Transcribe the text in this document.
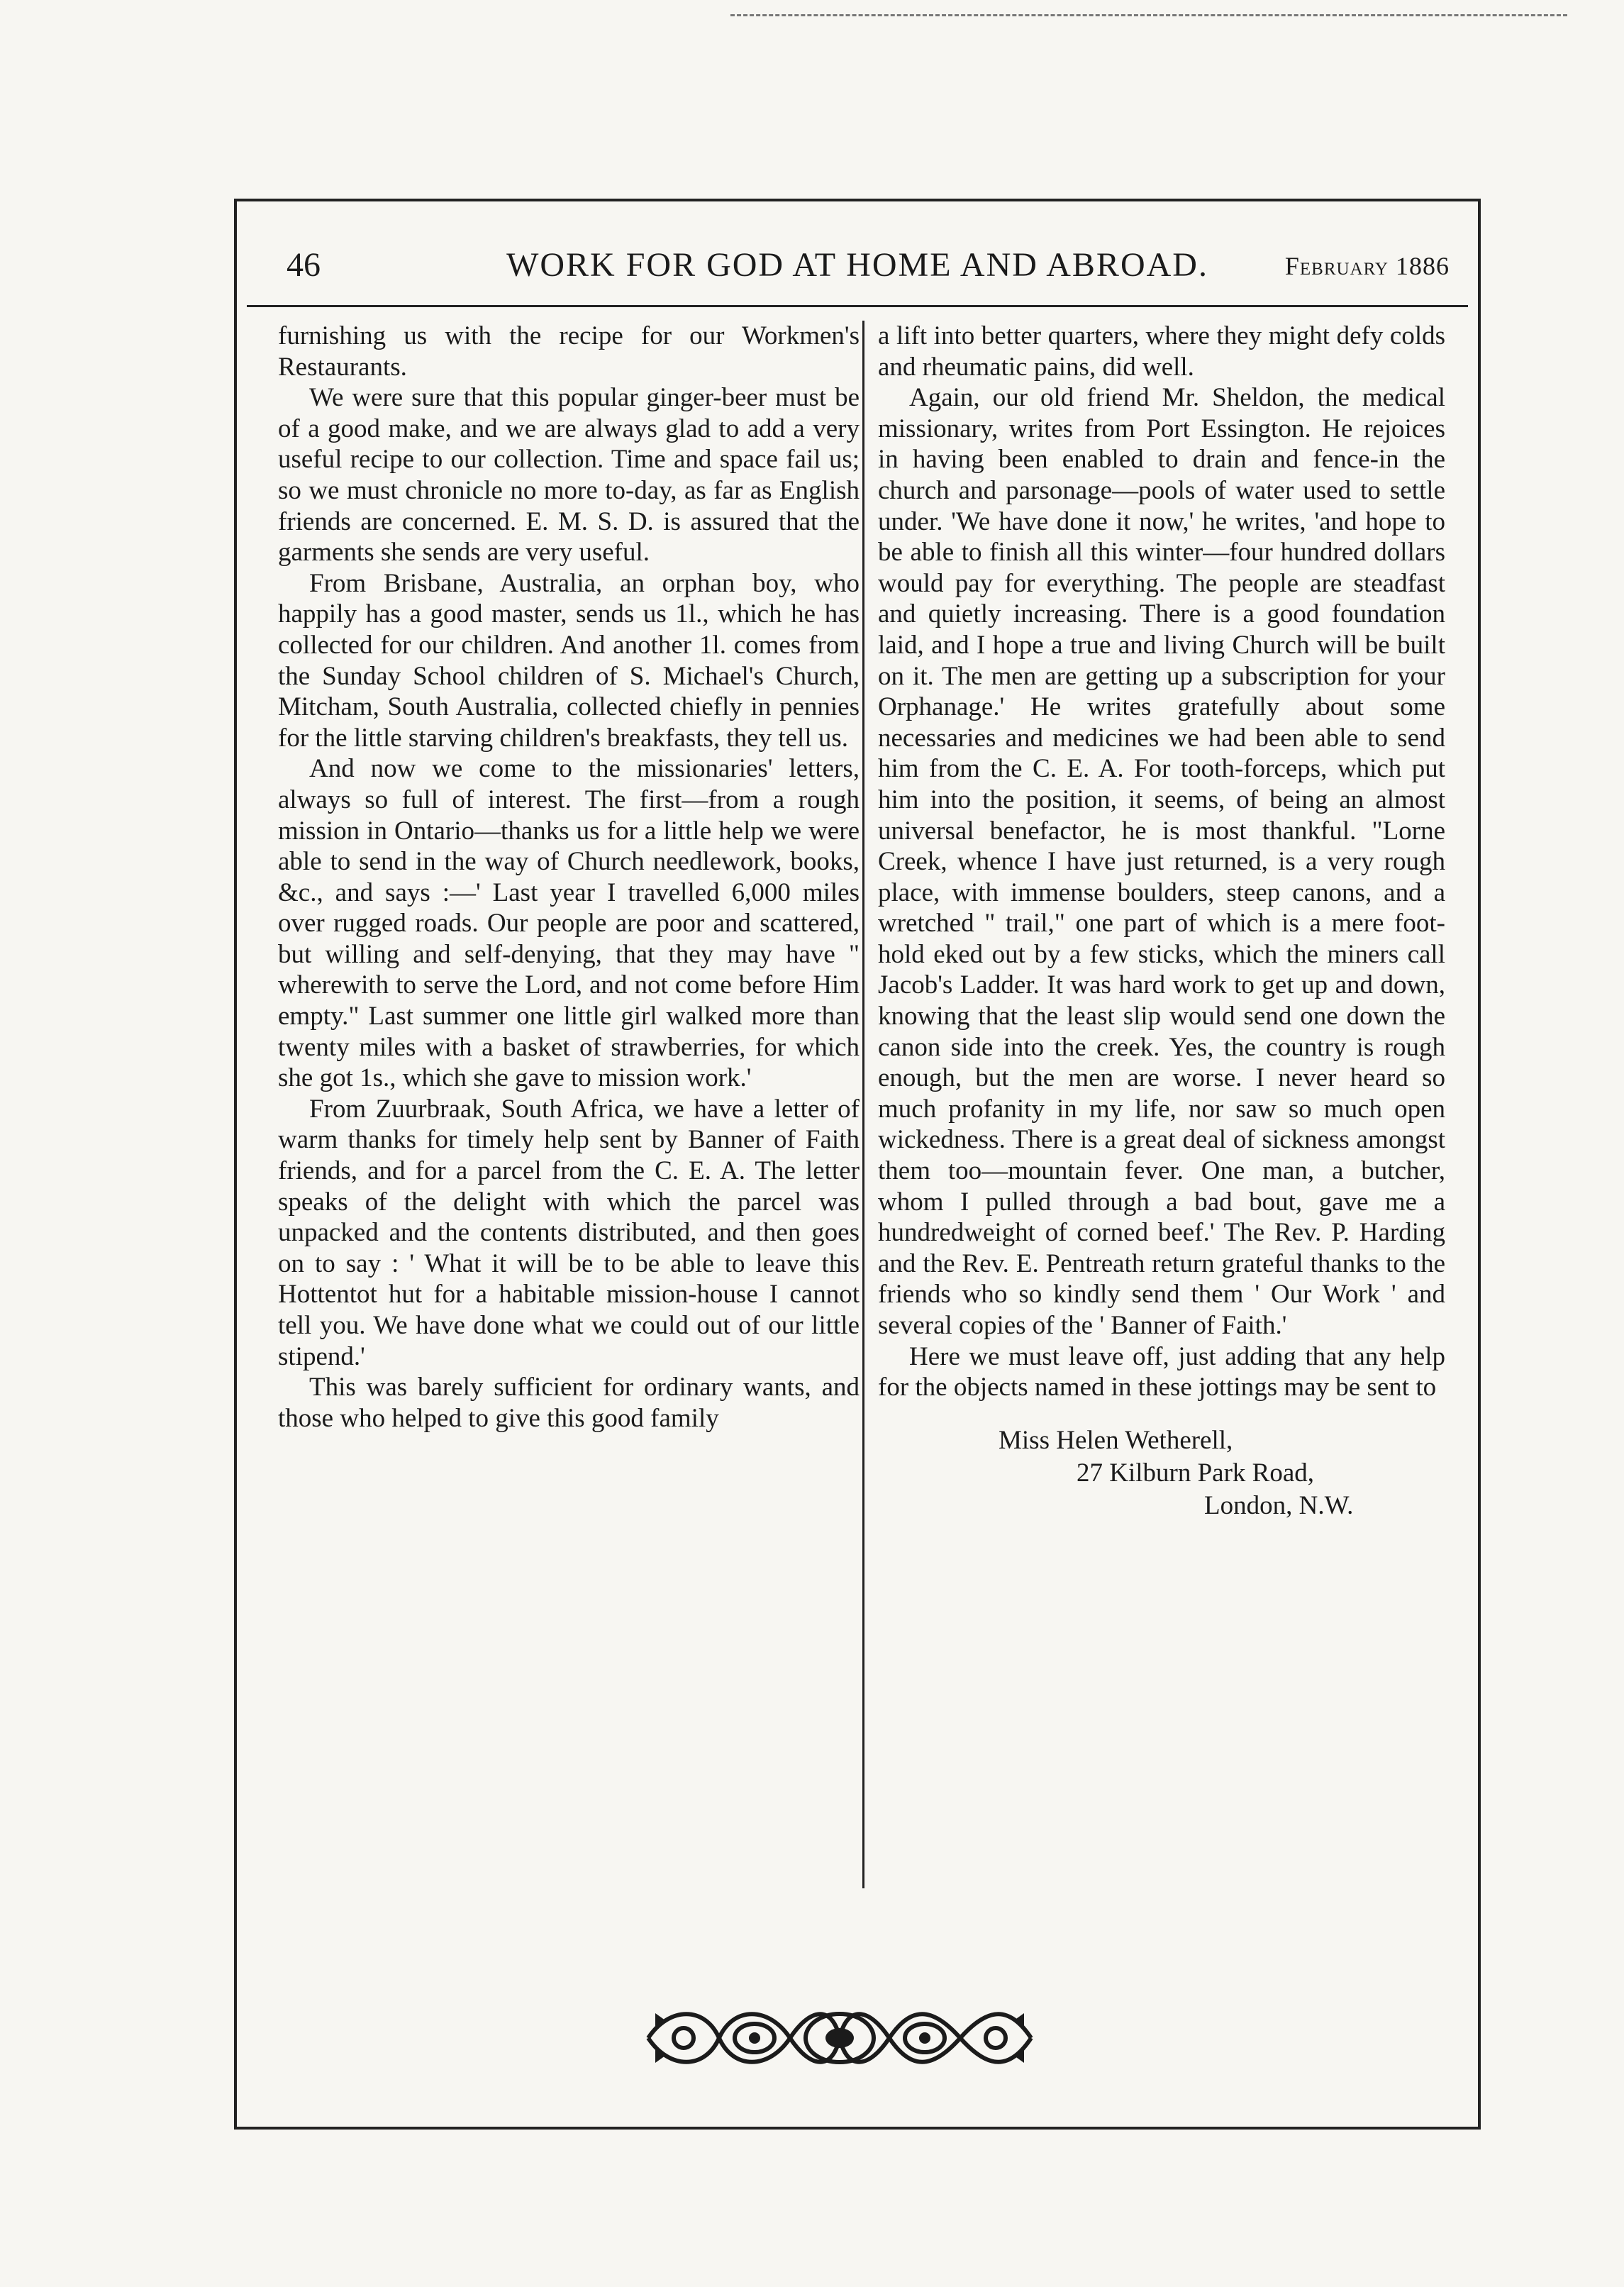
46	WORK FOR GOD AT HOME AND ABROAD.	February 1886

furnishing us with the recipe for our Workmen's Restaurants.

We were sure that this popular ginger-beer must be of a good make, and we are always glad to add a very useful recipe to our collection. Time and space fail us; so we must chronicle no more to-day, as far as English friends are concerned. E. M. S. D. is assured that the garments she sends are very useful.

From Brisbane, Australia, an orphan boy, who happily has a good master, sends us 1l., which he has collected for our children. And another 1l. comes from the Sunday School children of S. Michael's Church, Mitcham, South Australia, collected chiefly in pennies for the little starving children's breakfasts, they tell us.

And now we come to the missionaries' letters, always so full of interest. The first—from a rough mission in Ontario—thanks us for a little help we were able to send in the way of Church needlework, books, &c., and says :—' Last year I travelled 6,000 miles over rugged roads. Our people are poor and scattered, but willing and self-denying, that they may have " wherewith to serve the Lord, and not come before Him empty." Last summer one little girl walked more than twenty miles with a basket of strawberries, for which she got 1s., which she gave to mission work.'

From Zuurbraak, South Africa, we have a letter of warm thanks for timely help sent by Banner of Faith friends, and for a parcel from the C. E. A. The letter speaks of the delight with which the parcel was unpacked and the contents distributed, and then goes on to say : ' What it will be to be able to leave this Hottentot hut for a habitable mission-house I cannot tell you. We have done what we could out of our little stipend.'

This was barely sufficient for ordinary wants, and those who helped to give this good family

a lift into better quarters, where they might defy colds and rheumatic pains, did well.

Again, our old friend Mr. Sheldon, the medical missionary, writes from Port Essington. He rejoices in having been enabled to drain and fence-in the church and parsonage—pools of water used to settle under. 'We have done it now,' he writes, 'and hope to be able to finish all this winter—four hundred dollars would pay for everything. The people are steadfast and quietly increasing. There is a good foundation laid, and I hope a true and living Church will be built on it. The men are getting up a subscription for your Orphanage.' He writes gratefully about some necessaries and medicines we had been able to send him from the C. E. A. For tooth-forceps, which put him into the position, it seems, of being an almost universal benefactor, he is most thankful. "Lorne Creek, whence I have just returned, is a very rough place, with immense boulders, steep canons, and a wretched " trail," one part of which is a mere foot-hold eked out by a few sticks, which the miners call Jacob's Ladder. It was hard work to get up and down, knowing that the least slip would send one down the canon side into the creek. Yes, the country is rough enough, but the men are worse. I never heard so much profanity in my life, nor saw so much open wickedness. There is a great deal of sickness amongst them too—mountain fever. One man, a butcher, whom I pulled through a bad bout, gave me a hundredweight of corned beef.' The Rev. P. Harding and the Rev. E. Pentreath return grateful thanks to the friends who so kindly send them ' Our Work ' and several copies of the ' Banner of Faith.'

Here we must leave off, just adding that any help for the objects named in these jottings may be sent to

Miss Helen Wetherell,
27 Kilburn Park Road,
London, N.W.
